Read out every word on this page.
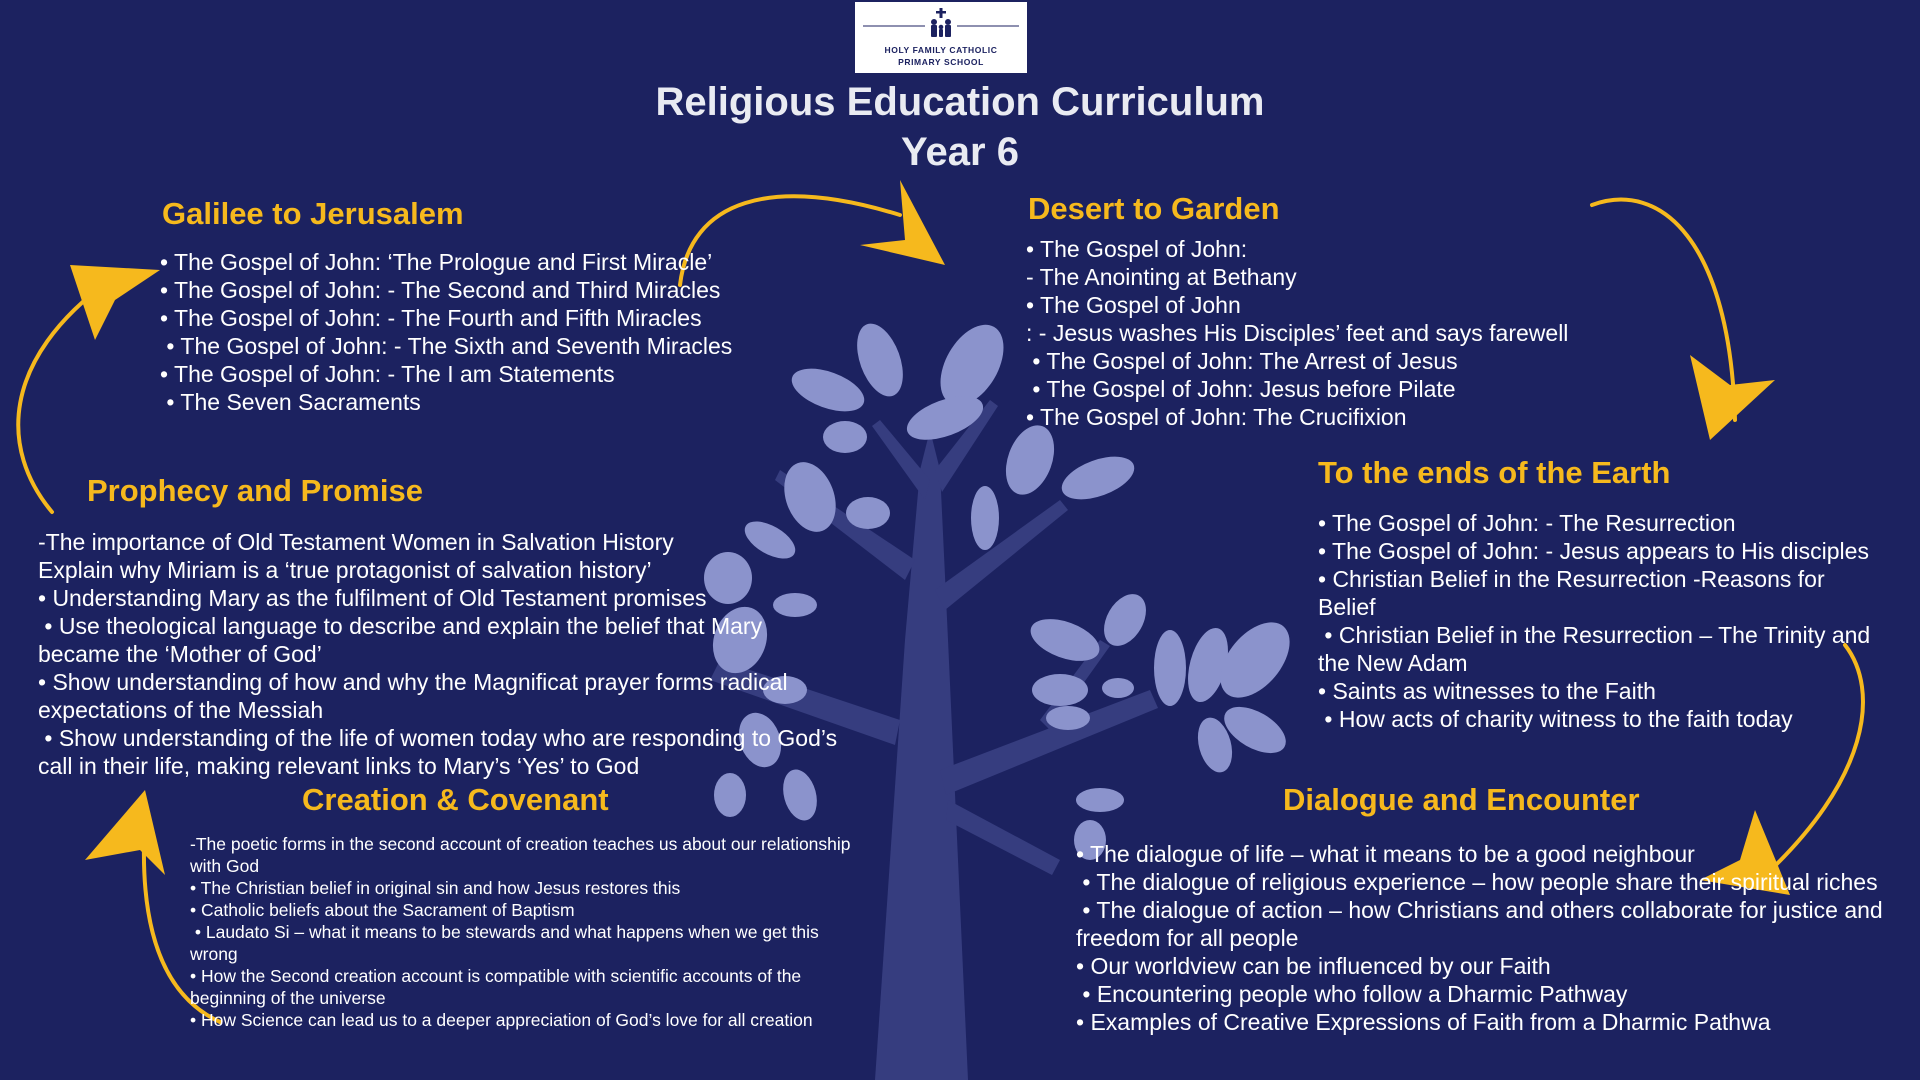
HOLY FAMILY CATHOLIC
PRIMARY SCHOOL
Religious Education Curriculum
Year 6
Galilee to Jerusalem
• The Gospel of John: ‘The Prologue and First Miracle’
• The Gospel of John: - The Second and Third Miracles
• The Gospel of John: - The Fourth and Fifth Miracles
• The Gospel of John: - The Sixth and Seventh Miracles
• The Gospel of John: - The I am Statements
• The Seven Sacraments
Desert to Garden
• The Gospel of John:
- The Anointing at Bethany
• The Gospel of John
: - Jesus washes His Disciples’ feet and says farewell
• The Gospel of John: The Arrest of Jesus
• The Gospel of John: Jesus before Pilate
• The Gospel of John: The Crucifixion
Prophecy and Promise
-The importance of Old Testament Women in Salvation History
Explain why Miriam is a ‘true protagonist of salvation history’
• Understanding Mary as the fulfilment of Old Testament promises
• Use theological language to describe and explain the belief that Mary became the ‘Mother of God’
• Show understanding of how and why the Magnificat prayer forms radical expectations of the Messiah
• Show understanding of the life of women today who are responding to God’s call in their life, making relevant links to Mary’s ‘Yes’ to God
To the ends of the Earth
• The Gospel of John: - The Resurrection
• The Gospel of John: - Jesus appears to His disciples
• Christian Belief in the Resurrection -Reasons for Belief
• Christian Belief in the Resurrection – The Trinity and the New Adam
• Saints as witnesses to the Faith
• How acts of charity witness to the faith today
Creation & Covenant
-The poetic forms in the second account of creation teaches us about our relationship with God
• The Christian belief in original sin and how Jesus restores this
• Catholic beliefs about the Sacrament of Baptism
• Laudato Si – what it means to be stewards and what happens when we get this wrong
• How the Second creation account is compatible with scientific accounts of the beginning of the universe
• How Science can lead us to a deeper appreciation of God’s love for all creation
Dialogue and Encounter
• The dialogue of life – what it means to be a good neighbour
• The dialogue of religious experience – how people share their spiritual riches
• The dialogue of action – how Christians and others collaborate for justice and freedom for all people
• Our worldview can be influenced by our Faith
• Encountering people who follow a Dharmic Pathway
• Examples of Creative Expressions of Faith from a Dharmic Pathwa
